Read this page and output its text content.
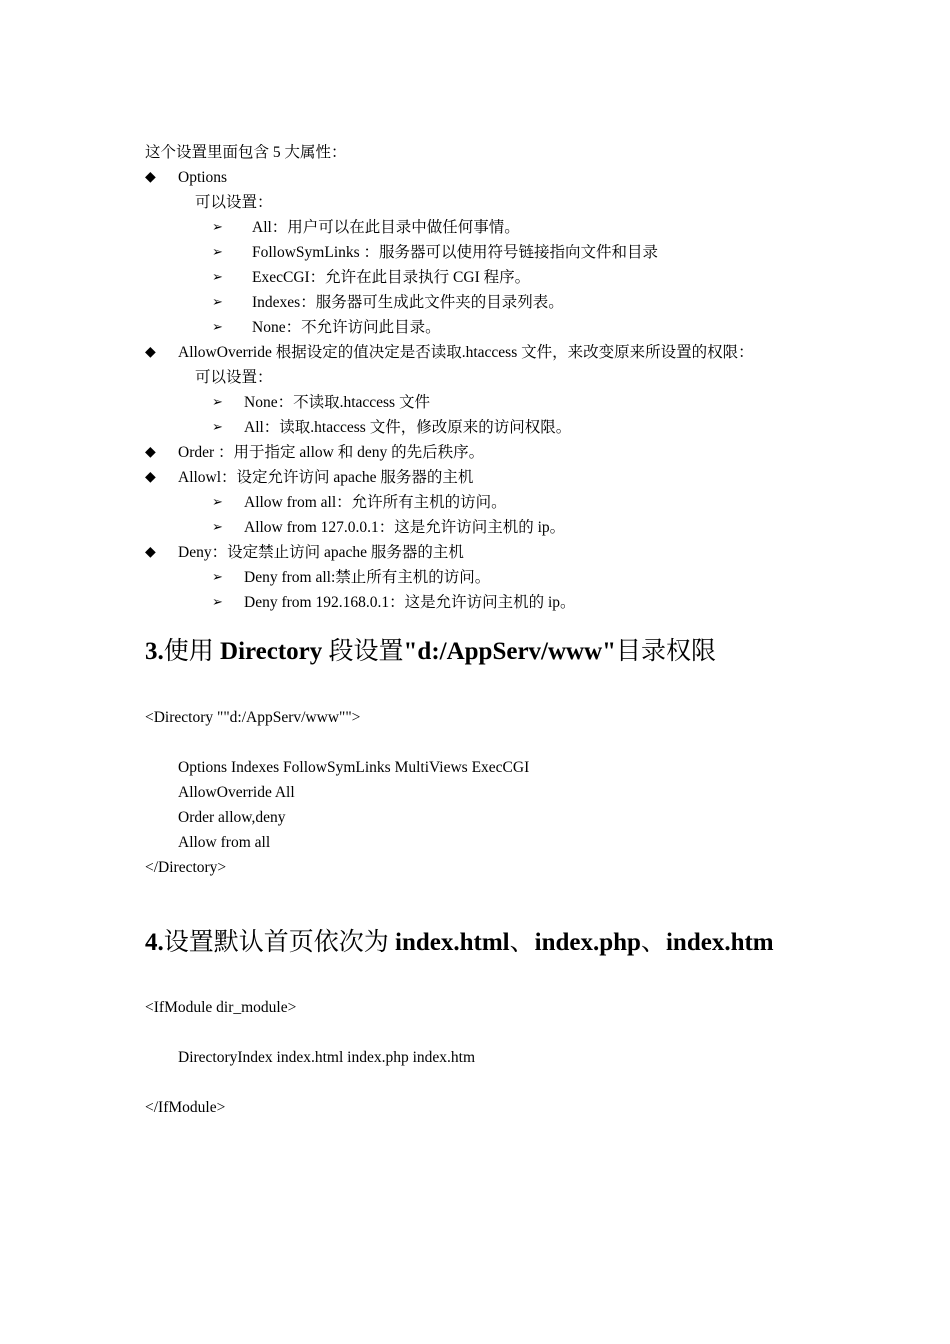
这个设置里面包含 5 大属性：
◆ Options
可以设置：
➢ All：用户可以在此目录中做任何事情。
➢ FollowSymLinks ：服务器可以使用符号链接指向文件和目录
➢ ExecCGI：允许在此目录执行 CGI 程序。
➢ Indexes：服务器可生成此文件夹的目录列表。
➢ None：不允许访问此目录。
◆ AllowOverride 根据设定的值决定是否读取.htaccess 文件，来改变原来所设置的权限：
可以设置：
➢ None：不读取.htaccess 文件
➢ All：读取.htaccess 文件，修改原来的访问权限。
◆ Order ：用于指定 allow 和 deny 的先后秩序。
◆ Allowl：设定允许访问 apache 服务器的主机
➢ Allow from all：允许所有主机的访问。
➢ Allow from 127.0.0.1：这是允许访问主机的 ip。
◆ Deny：设定禁止访问 apache 服务器的主机
➢ Deny from all:禁止所有主机的访问。
➢ Deny from 192.168.0.1：这是允许访问主机的 ip。
3.使用 Directory 段设置"d:/AppServ/www"目录权限
<Directory ""d:/AppServ/www"">
Options Indexes FollowSymLinks MultiViews ExecCGI
AllowOverride All
Order allow,deny
Allow from all
</Directory>
4.设置默认首页依次为 index.html、index.php、index.htm
<IfModule dir_module>
DirectoryIndex index.html index.php index.htm
</IfModule>
